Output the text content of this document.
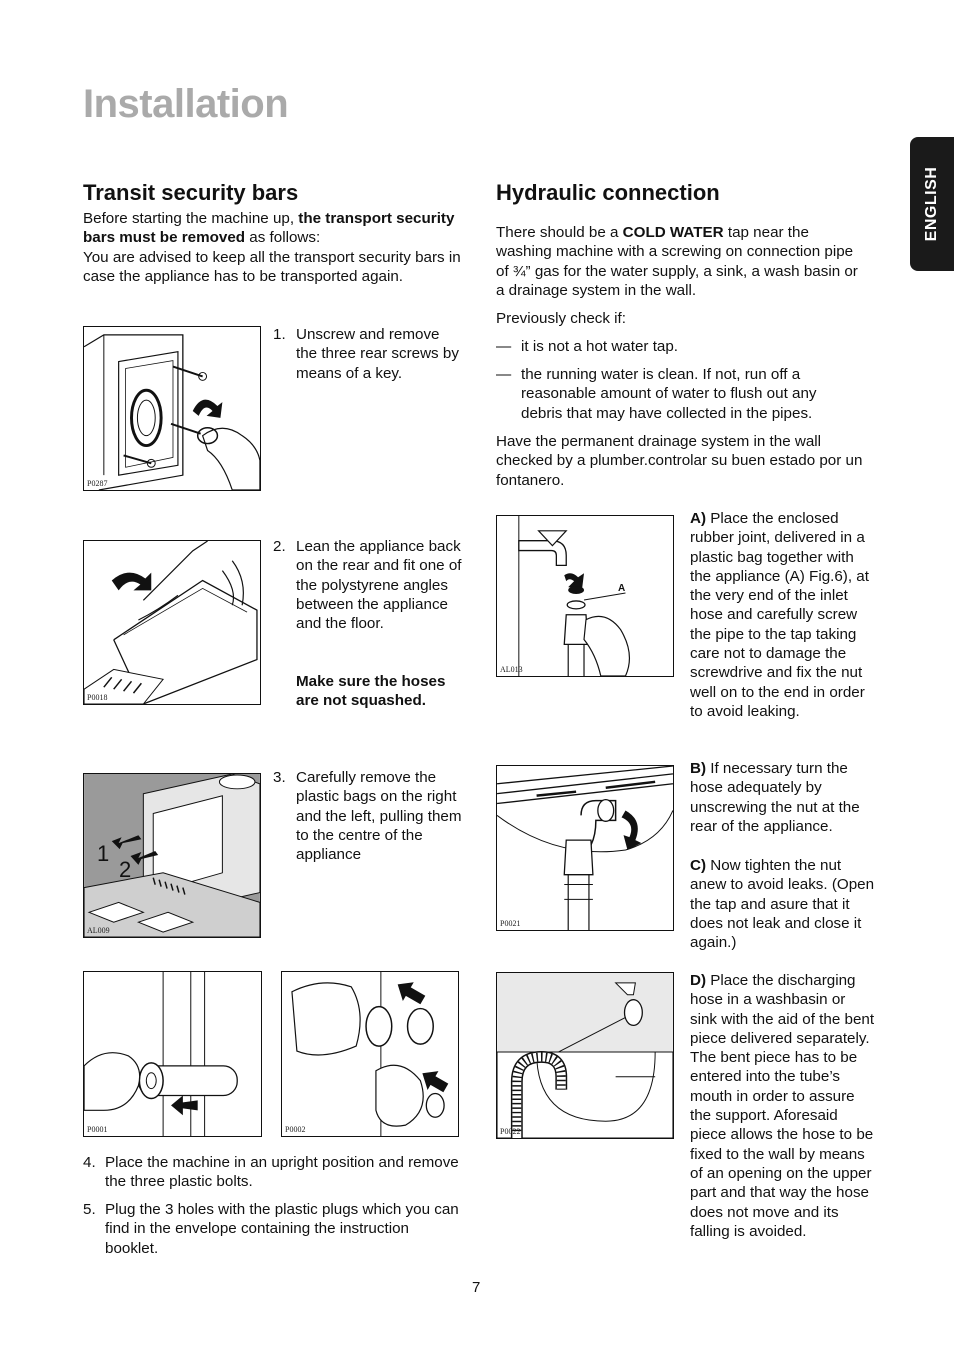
Installation
ENGLISH
Transit security bars
Before starting the machine up, the transport security bars must be removed as follows:
You are advised to keep all the transport security bars in case the appliance has to be transported again.
P0287
1. Unscrew and remove the three rear screws by means of a key.
P0018
2. Lean the appliance back on the rear and fit one of the polystyrene angles between the appliance and the floor.
Make sure the hoses are not squashed.
1
2
AL009
3. Carefully remove the plastic bags on the right and the left, pulling them to the centre of the appliance
P0001	P0002
4. Place the machine in an upright position and remove the three plastic bolts.
5. Plug the 3 holes with the plastic plugs which you can find in the envelope containing the instruction booklet.
Hydraulic connection
There should be a COLD WATER tap near the washing machine with a screwing on connection pipe of ¾” gas for the water supply, a sink, a wash basin or a drainage system in the wall.
Previously check if:
— it is not a hot water tap.
— the running water is clean. If not, run off a reasonable amount of water to flush out any debris that may have collected in the pipes.
Have the permanent drainage system in the wall checked by a plumber.controlar su buen estado por un fontanero.
A
AL013
A) Place the enclosed rubber joint, delivered in a plastic bag together with the appliance (A) Fig.6), at the very end of the inlet hose and carefully screw the pipe to the tap taking care not to damage the screwdrive and fix the nut well on to the end in order to avoid leaking.
P0021
B) If necessary turn the hose adequately by unscrewing the nut at the rear of the appliance.
C) Now tighten the nut anew to avoid leaks. (Open the tap and asure that it does not leak and close it again.)
P0022
D) Place the discharging hose in a washbasin or sink with the aid of the bent piece delivered separately. The bent piece has to be entered into the tube’s mouth in order to assure the support. Aforesaid piece allows the hose to be fixed to the wall by means of an opening on the upper part and that way the hose does not move and its falling is avoided.
7
